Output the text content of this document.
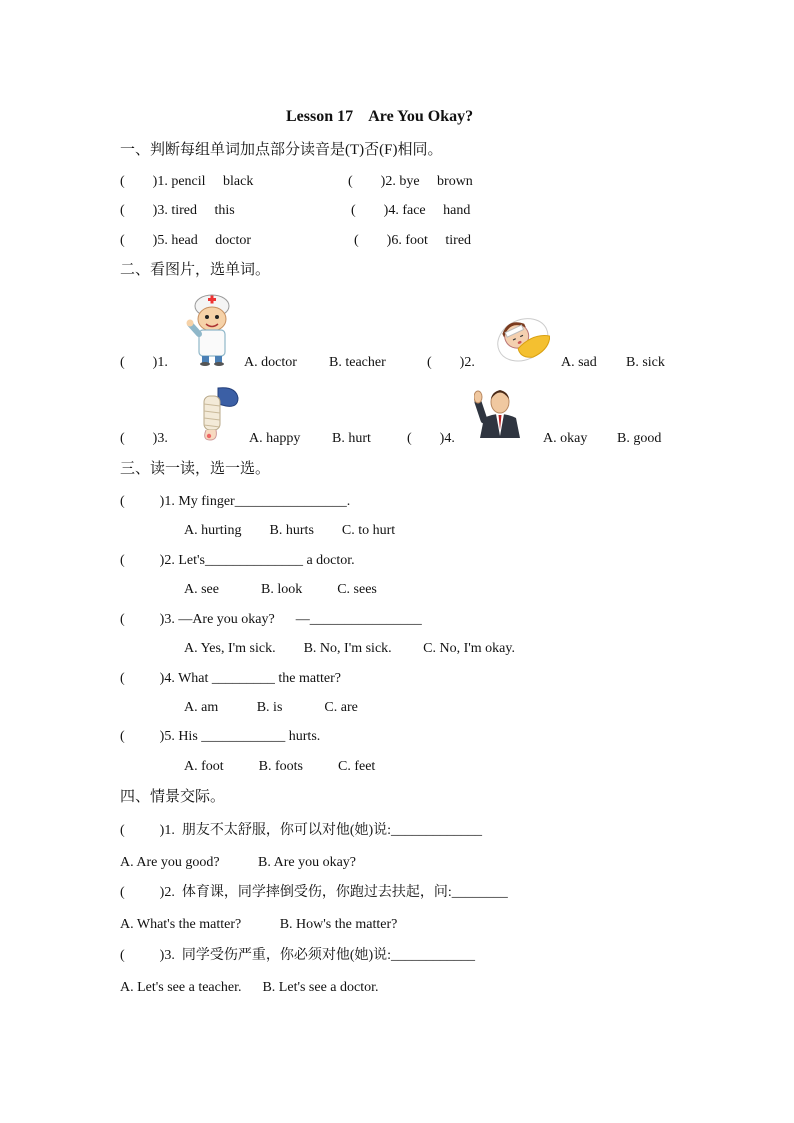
Lesson 17    Are You Okay?
一、判断每组单词加点部分读音是(T)否(F)相同。
(        )1. pencil     black	(        )2. bye     brown
(        )3. tired     this	(        )4. face     hand
(        )5. head     doctor	(        )6. foot     tired
二、看图片，选单词。
(        )1.	A. doctor B. teacher	(        )2.	A. sad B. sick
(        )3.	A. happy B. hurt	(        )4.	A. okay B. good
三、读一读，选一选。
(          )1. My finger________________.
A. hurting        B. hurts        C. to hurt
(          )2. Let's______________ a doctor.
A. see            B. look          C. sees
(          )3. —Are you okay?      —________________
A. Yes, I'm sick.        B. No, I'm sick.         C. No, I'm okay.
(          )4. What _________ the matter?
A. am           B. is            C. are
(          )5. His ____________ hurts.
A. foot          B. foots          C. feet
四、情景交际。
(          )1.  朋友不太舒服，你可以对他(她)说:_____________
A. Are you good?           B. Are you okay?
(          )2.  体育课，同学摔倒受伤，你跑过去扶起，问:________
A. What's the matter?           B. How's the matter?
(          )3.  同学受伤严重，你必须对他(她)说:____________
A. Let's see a teacher.      B. Let's see a doctor.
